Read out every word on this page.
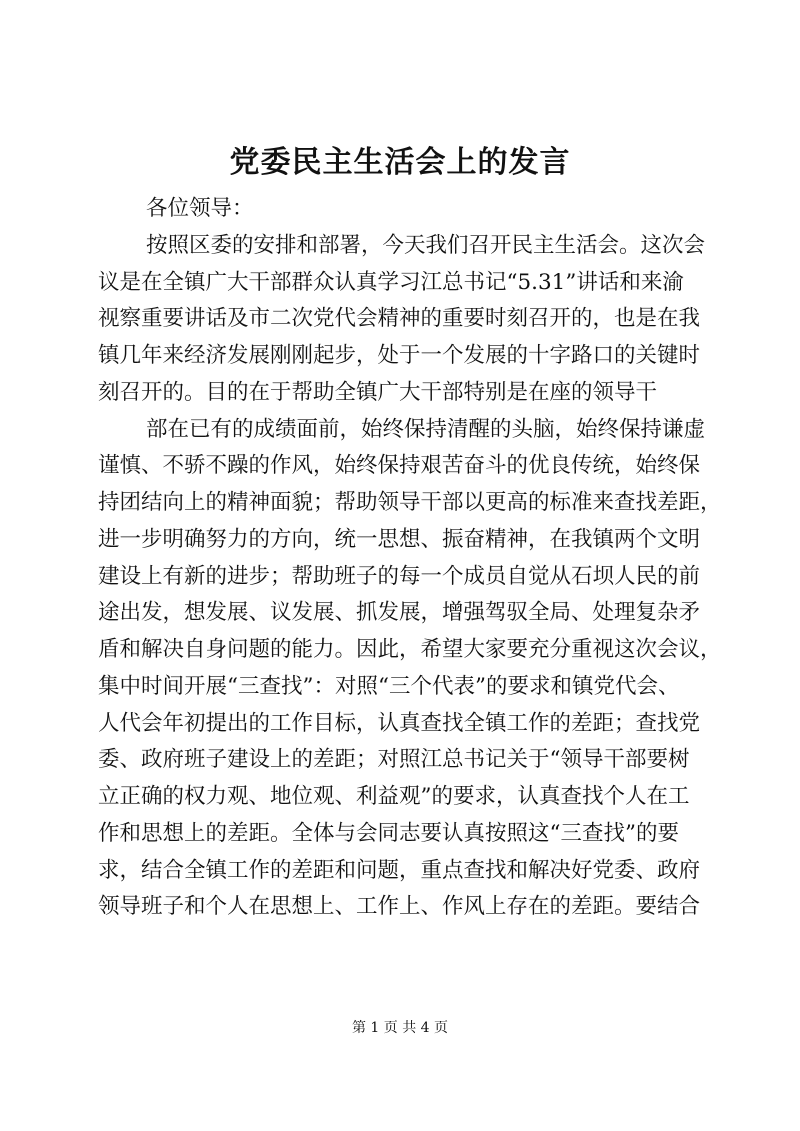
党委民主生活会上的发言
各位领导：
按照区委的安排和部署，今天我们召开民主生活会。这次会
议是在全镇广大干部群众认真学习江总书记“5.31”讲话和来渝
视察重要讲话及市二次党代会精神的重要时刻召开的，也是在我
镇几年来经济发展刚刚起步，处于一个发展的十字路口的关键时
刻召开的。目的在于帮助全镇广大干部特别是在座的领导干
部在已有的成绩面前，始终保持清醒的头脑，始终保持谦虚
谨慎、不骄不躁的作风，始终保持艰苦奋斗的优良传统，始终保
持团结向上的精神面貌；帮助领导干部以更高的标准来查找差距，
进一步明确努力的方向，统一思想、振奋精神，在我镇两个文明
建设上有新的进步；帮助班子的每一个成员自觉从石坝人民的前
途出发，想发展、议发展、抓发展，增强驾驭全局、处理复杂矛
盾和解决自身问题的能力。因此，希望大家要充分重视这次会议，
集中时间开展“三查找”：对照“三个代表”的要求和镇党代会、
人代会年初提出的工作目标，认真查找全镇工作的差距；查找党
委、政府班子建设上的差距；对照江总书记关于“领导干部要树
立正确的权力观、地位观、利益观”的要求，认真查找个人在工
作和思想上的差距。全体与会同志要认真按照这“三查找”的要
求，结合全镇工作的差距和问题，重点查找和解决好党委、政府
领导班子和个人在思想上、工作上、作风上存在的差距。要结合
第 1 页 共 4 页
